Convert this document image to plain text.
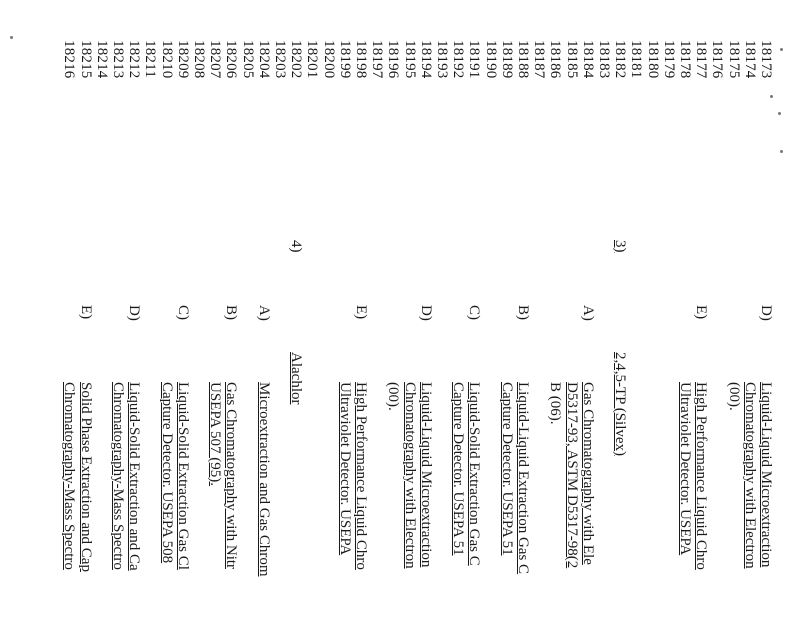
18173
D)
Liquid-Liquid Microextraction
18174
Chromatography with Electron
18175
(00).
18176
18177
E)
High Performance Liquid Chro
18178
Ultraviolet Detector. USEPA
18179
18180
18181
18182
3)
2,4,5-TP (Silvex)
18183
18184
A)
Gas Chromatography with Ele
18185
D5317-93, ASTM D5317-98(2
18186
B (06).
18187
18188
B)
Liquid-Liquid Extraction Gas C
18189
Capture Detector. USEPA 51
18190
18191
C)
Liquid-Solid Extraction Gas C
18192
Capture Detector. USEPA 51
18193
18194
D)
Liquid-Liquid Microextraction
18195
Chromatography with Electron
18196
(00).
18197
18198
E)
High Performance Liquid Chro
18199
Ultraviolet Detector. USEPA
18200
18201
18202
4)
Alachlor
18203
18204
A)
Microextraction and Gas Chrom
18205
18206
B)
Gas Chromatography with Nitr
18207
USEPA 507 (95).
18208
18209
C)
Liquid-Solid Extraction Gas Cl
18210
Capture Detector. USEPA 508
18211
18212
D)
Liquid-Solid Extraction and Ca
18213
Chromatography-Mass Spectro
18214
18215
E)
Solid Phase Extraction and Cap
18216
Chromatography-Mass Spectro
